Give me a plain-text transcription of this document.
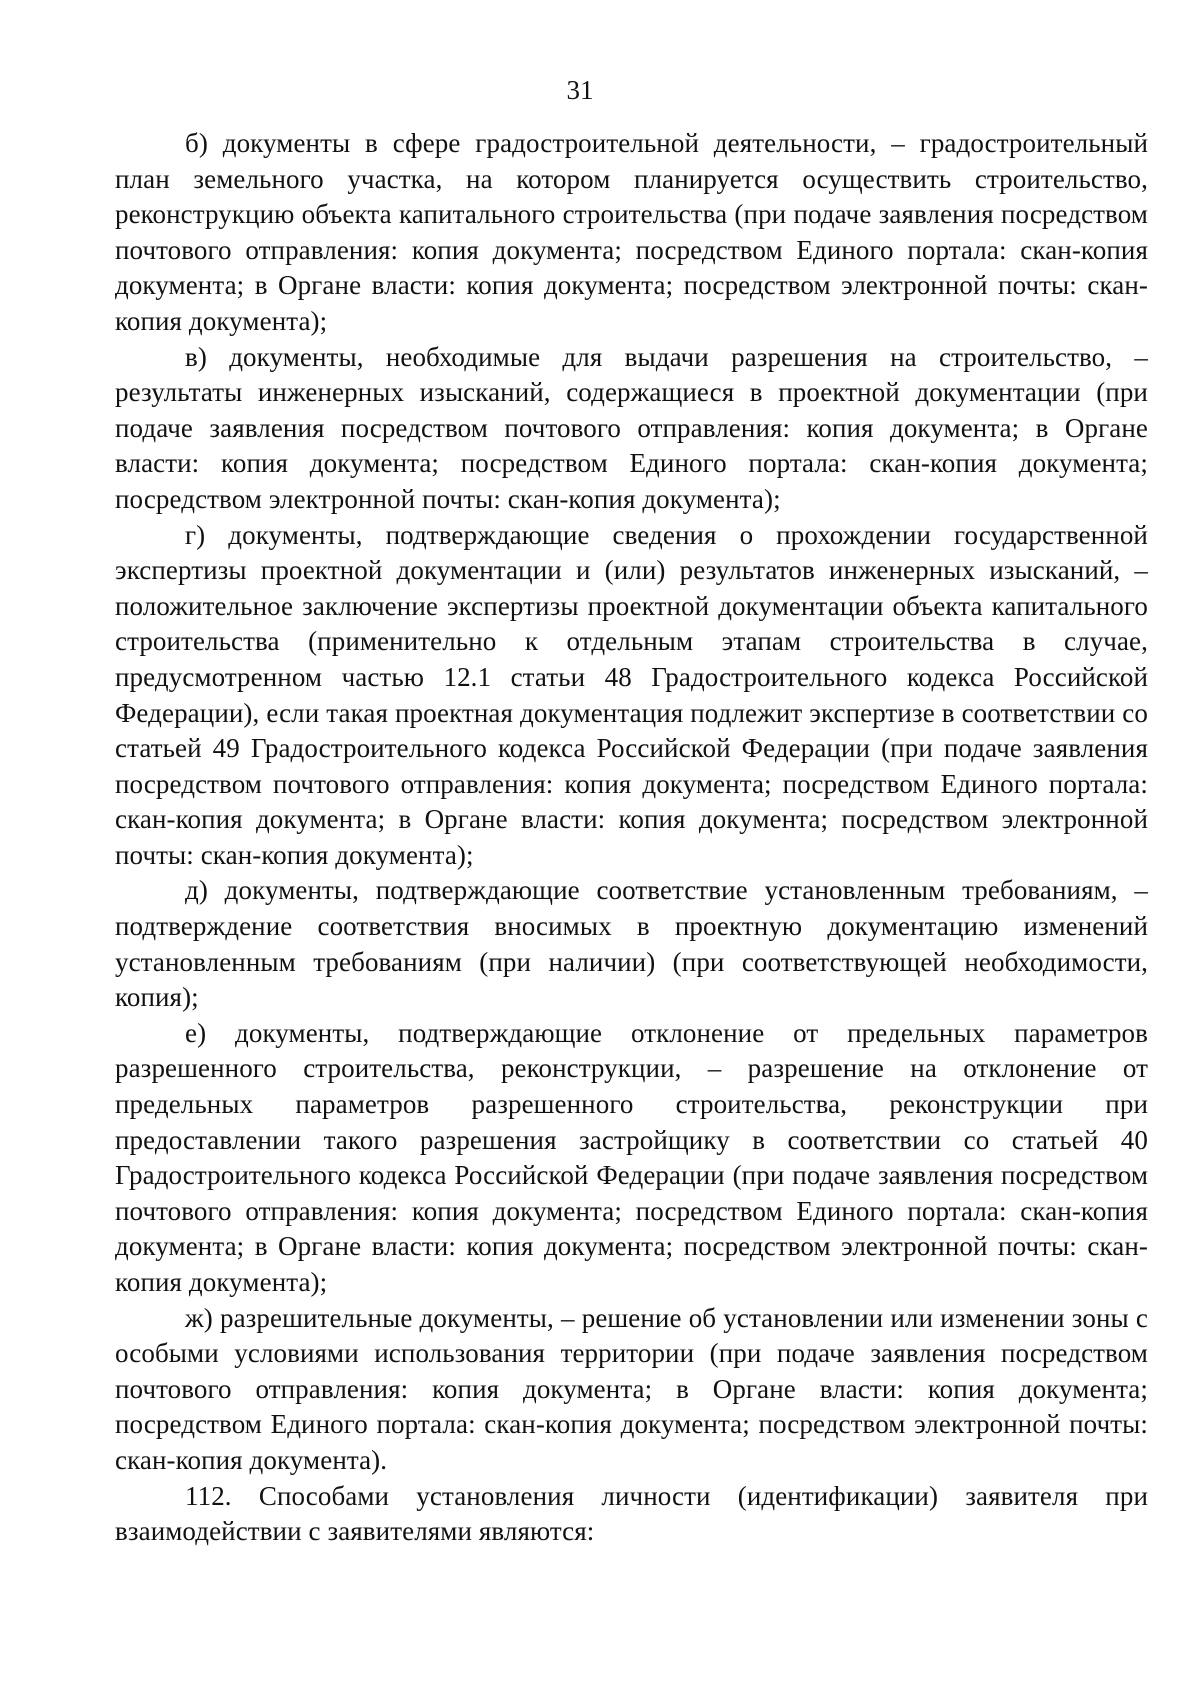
31

б) документы в сфере градостроительной деятельности, – градостроительный план земельного участка, на котором планируется осуществить строительство, реконструкцию объекта капитального строительства (при подаче заявления посредством почтового отправления: копия документа; посредством Единого портала: скан-копия документа; в Органе власти: копия документа; посредством электронной почты: скан-копия документа);

в) документы, необходимые для выдачи разрешения на строительство, – результаты инженерных изысканий, содержащиеся в проектной документации (при подаче заявления посредством почтового отправления: копия документа; в Органе власти: копия документа; посредством Единого портала: скан-копия документа; посредством электронной почты: скан-копия документа);

г) документы, подтверждающие сведения о прохождении государственной экспертизы проектной документации и (или) результатов инженерных изысканий, – положительное заключение экспертизы проектной документации объекта капитального строительства (применительно к отдельным этапам строительства в случае, предусмотренном частью 12.1 статьи 48 Градостроительного кодекса Российской Федерации), если такая проектная документация подлежит экспертизе в соответствии со статьей 49 Градостроительного кодекса Российской Федерации (при подаче заявления посредством почтового отправления: копия документа; посредством Единого портала: скан-копия документа; в Органе власти: копия документа; посредством электронной почты: скан-копия документа);

д) документы, подтверждающие соответствие установленным требованиям, – подтверждение соответствия вносимых в проектную документацию изменений установленным требованиям (при наличии) (при соответствующей необходимости, копия);

е) документы, подтверждающие отклонение от предельных параметров разрешенного строительства, реконструкции, – разрешение на отклонение от предельных параметров разрешенного строительства, реконструкции при предоставлении такого разрешения застройщику в соответствии со статьей 40 Градостроительного кодекса Российской Федерации (при подаче заявления посредством почтового отправления: копия документа; посредством Единого портала: скан-копия документа; в Органе власти: копия документа; посредством электронной почты: скан-копия документа);

ж) разрешительные документы, – решение об установлении или изменении зоны с особыми условиями использования территории (при подаче заявления посредством почтового отправления: копия документа; в Органе власти: копия документа; посредством Единого портала: скан-копия документа; посредством электронной почты: скан-копия документа).

112. Способами установления личности (идентификации) заявителя при взаимодействии с заявителями являются:
